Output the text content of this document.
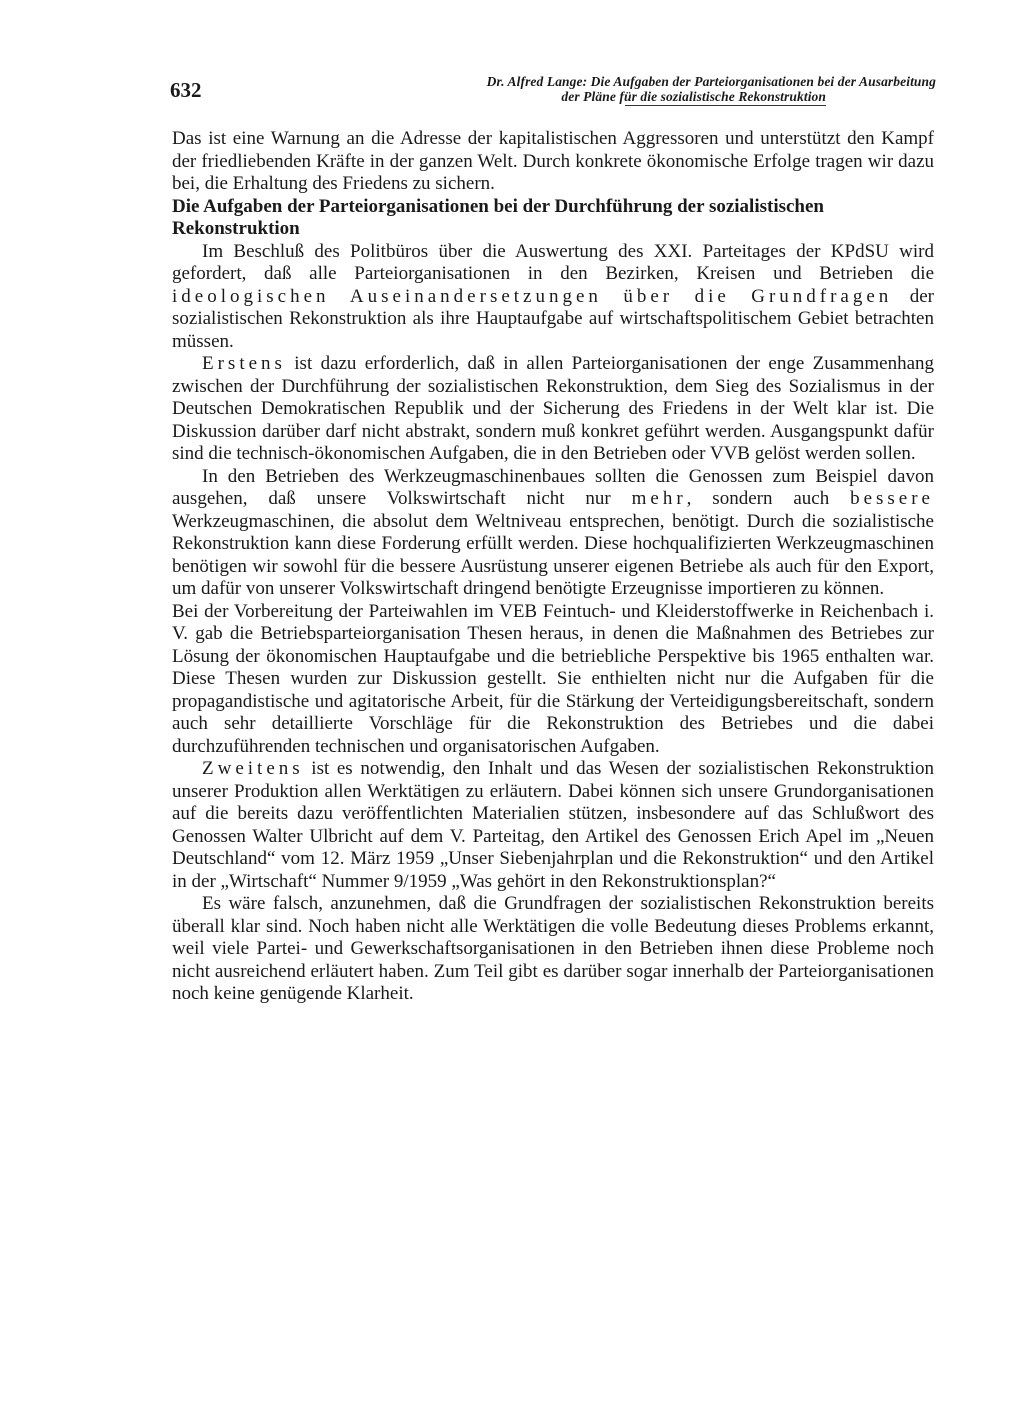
632	Dr. Alfred Lange: Die Aufgaben der Parteiorganisationen bei der Ausarbeitung
der Pläne für die sozialistische Rekonstruktion

Das ist eine Warnung an die Adresse der kapitalistischen Aggressoren und unterstützt den Kampf der friedliebenden Kräfte in der ganzen Welt. Durch konkrete ökonomische Erfolge tragen wir dazu bei, die Erhaltung des Friedens zu sichern.

Die Aufgaben der Parteiorganisationen bei der Durchführung der sozialistischen Rekonstruktion

Im Beschluß des Politbüros über die Auswertung des XXI. Parteitages der KPdSU wird gefordert, daß alle Parteiorganisationen in den Bezirken, Kreisen und Betrieben die ideologischen Auseinandersetzungen über die Grundfragen der sozialistischen Rekonstruktion als ihre Hauptaufgabe auf wirtschaftspolitischem Gebiet betrachten müssen.

Erstens ist dazu erforderlich, daß in allen Parteiorganisationen der enge Zusammenhang zwischen der Durchführung der sozialistischen Rekonstruktion, dem Sieg des Sozialismus in der Deutschen Demokratischen Republik und der Sicherung des Friedens in der Welt klar ist. Die Diskussion darüber darf nicht abstrakt, sondern muß konkret geführt werden. Ausgangspunkt dafür sind die technisch-ökonomischen Aufgaben, die in den Betrieben oder VVB gelöst werden sollen.

In den Betrieben des Werkzeugmaschinenbaues sollten die Genossen zum Beispiel davon ausgehen, daß unsere Volkswirtschaft nicht nur mehr, sondern auch bessere Werkzeugmaschinen, die absolut dem Weltniveau entsprechen, benötigt. Durch die sozialistische Rekonstruktion kann diese Forderung erfüllt werden. Diese hochqualifizierten Werkzeugmaschinen benötigen wir sowohl für die bessere Ausrüstung unserer eigenen Betriebe als auch für den Export, um dafür von unserer Volkswirtschaft dringend benötigte Erzeugnisse importieren zu können.

Bei der Vorbereitung der Parteiwahlen im VEB Feintuch- und Kleiderstoffwerke in Reichenbach i. V. gab die Betriebsparteiorganisation Thesen heraus, in denen die Maßnahmen des Betriebes zur Lösung der ökonomischen Hauptaufgabe und die betriebliche Perspektive bis 1965 enthalten war. Diese Thesen wurden zur Diskussion gestellt. Sie enthielten nicht nur die Aufgaben für die propagandistische und agitatorische Arbeit, für die Stärkung der Verteidigungsbereitschaft, sondern auch sehr detaillierte Vorschläge für die Rekonstruktion des Betriebes und die dabei durchzuführenden technischen und organisatorischen Aufgaben.

Zweitens ist es notwendig, den Inhalt und das Wesen der sozialistischen Rekonstruktion unserer Produktion allen Werktätigen zu erläutern. Dabei können sich unsere Grundorganisationen auf die bereits dazu veröffentlichten Materialien stützen, insbesondere auf das Schlußwort des Genossen Walter Ulbricht auf dem V. Parteitag, den Artikel des Genossen Erich Apel im „Neuen Deutschland“ vom 12. März 1959 „Unser Siebenjahrplan und die Rekonstruktion“ und den Artikel in der „Wirtschaft“ Nummer 9/1959 „Was gehört in den Rekonstruktionsplan?“

Es wäre falsch, anzunehmen, daß die Grundfragen der sozialistischen Rekonstruktion bereits überall klar sind. Noch haben nicht alle Werktätigen die volle Bedeutung dieses Problems erkannt, weil viele Partei- und Gewerkschaftsorganisationen in den Betrieben ihnen diese Probleme noch nicht ausreichend erläutert haben. Zum Teil gibt es darüber sogar innerhalb der Parteiorganisationen noch keine genügende Klarheit.
